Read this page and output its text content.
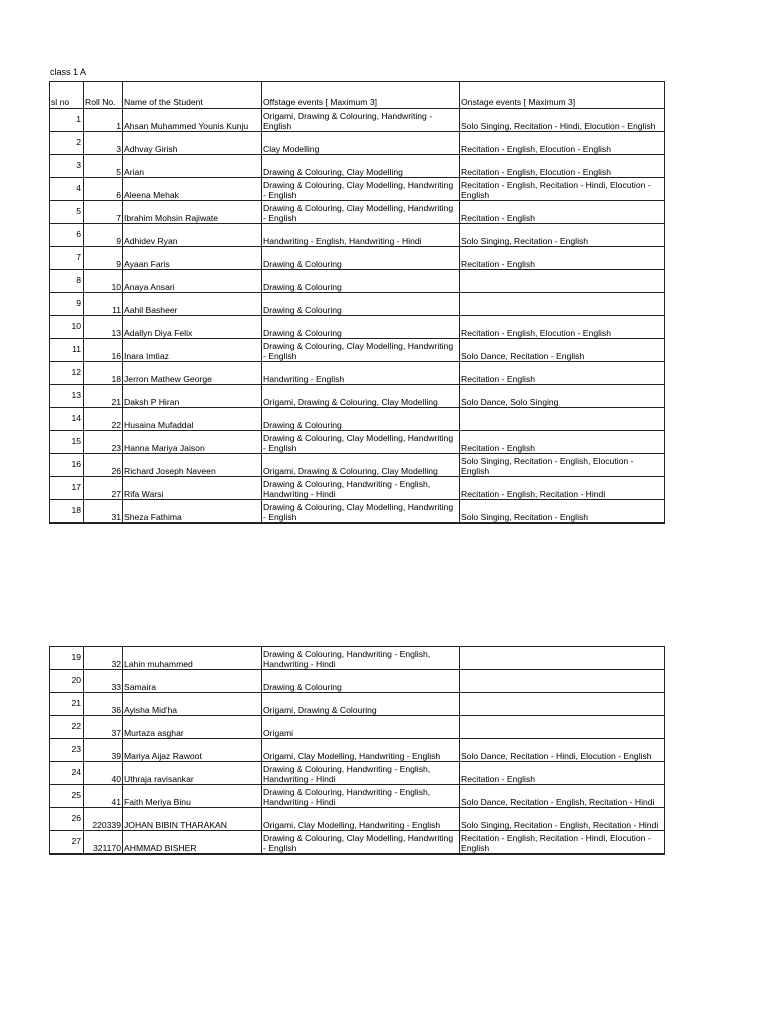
class 1 A
sl no	Roll No.	Name of the Student	Offstage events [ Maximum 3]	Onstage events [ Maximum 3]
1	1	Ahsan Muhammed Younis Kunju	Origami, Drawing & Colouring, Handwriting - English	Solo Singing, Recitation - Hindi, Elocution - English
2	3	Adhvay Girish	Clay Modelling	Recitation - English, Elocution - English
3	5	Arian	Drawing & Colouring, Clay Modelling	Recitation - English, Elocution - English
4	6	Aleena Mehak	Drawing & Colouring, Clay Modelling, Handwriting - English	Recitation - English, Recitation - Hindi, Elocution - English
5	7	Ibrahim Mohsin Rajiwate	Drawing & Colouring, Clay Modelling, Handwriting - English	Recitation - English
6	9	Adhidev Ryan	Handwriting - English, Handwriting - Hindi	Solo Singing, Recitation - English
7	9	Ayaan Faris	Drawing & Colouring	Recitation - English
8	10	Anaya Ansari	Drawing & Colouring	
9	11	Aahil Basheer	Drawing & Colouring	
10	13	Adallyn Diya Felix	Drawing & Colouring	Recitation - English, Elocution - English
11	16	Inara Imtiaz	Drawing & Colouring, Clay Modelling, Handwriting - English	Solo Dance, Recitation - English
12	18	Jerron Mathew George	Handwriting - English	Recitation - English
13	21	Daksh P Hiran	Origami, Drawing & Colouring, Clay Modelling	Solo Dance, Solo Singing
14	22	Husaina Mufaddal	Drawing & Colouring	
15	23	Hanna Mariya Jaison	Drawing & Colouring, Clay Modelling, Handwriting - English	Recitation - English
16	26	Richard Joseph Naveen	Origami, Drawing & Colouring, Clay Modelling	Solo Singing, Recitation - English, Elocution - English
17	27	Rifa Warsi	Drawing & Colouring, Handwriting - English, Handwriting - Hindi	Recitation - English, Recitation - Hindi
18	31	Sheza Fathima	Drawing & Colouring, Clay Modelling, Handwriting - English	Solo Singing, Recitation - English
19	32	Lahin muhammed	Drawing & Colouring, Handwriting - English, Handwriting - Hindi	
20	33	Samaira	Drawing & Colouring	
21	36	Ayisha Mid'ha	Origami, Drawing & Colouring	
22	37	Murtaza asghar	Origami	
23	39	Mariya Aijaz Rawoot	Origami, Clay Modelling, Handwriting - English	Solo Dance, Recitation - Hindi, Elocution - English
24	40	Uthraja ravisankar	Drawing & Colouring, Handwriting - English, Handwriting - Hindi	Recitation - English
25	41	Faith Meriya Binu	Drawing & Colouring, Handwriting - English, Handwriting - Hindi	Solo Dance, Recitation - English, Recitation - Hindi
26	220339	JOHAN BIBIN THARAKAN	Origami, Clay Modelling, Handwriting - English	Solo Singing, Recitation - English, Recitation - Hindi
27	321170	AHMMAD BISHER	Drawing & Colouring, Clay Modelling, Handwriting - English	Recitation - English, Recitation - Hindi, Elocution - English
